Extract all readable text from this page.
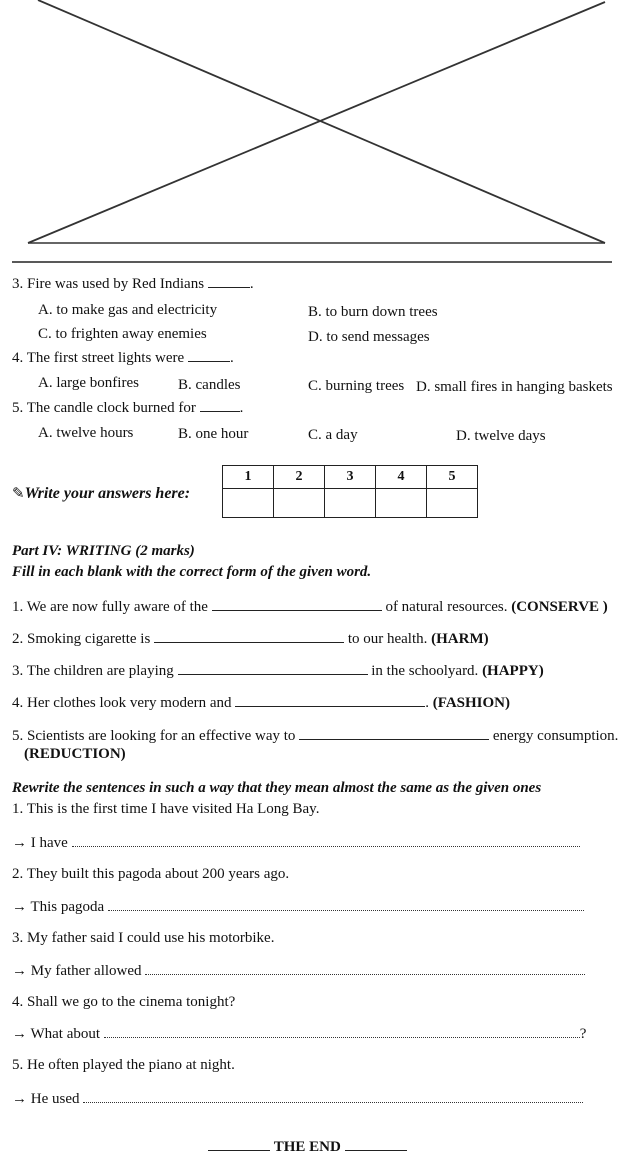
3. Fire was used by Red Indians	.
A. to make gas and electricity	B. to burn down trees
C. to frighten away enemies	D. to send messages
4. The first street lights were	.
A. large bonfires	B. candles	C. burning trees D. small fires in hanging baskets
5. The candle clock burned for	.
A. twelve hours	B. one hour	C. a day	D. twelve days
✎Write your answers here:
1	2	3	4	5

Part IV: WRITING (2 marks)
Fill in each blank with the correct form of the given word.
1. We are now fully aware of the	of natural resources. (CONSERVE )
2. Smoking cigarette is	to our health. (HARM)
3. The children are playing	in the schoolyard. (HAPPY)
4. Her clothes look very modern and	. (FASHION)
5. Scientists are looking for an effective way to	energy consumption.
(REDUCTION)
Rewrite the sentences in such a way that they mean almost the same as the given ones
1. This is the first time I have visited Ha Long Bay.
→ I have
2. They built this pagoda about 200 years ago.
→ This pagoda
3. My father said I could use his motorbike.
→ My father allowed
4. Shall we go to the cinema tonight?
→ What about	?
5. He often played the piano at night.
→ He used
THE END
